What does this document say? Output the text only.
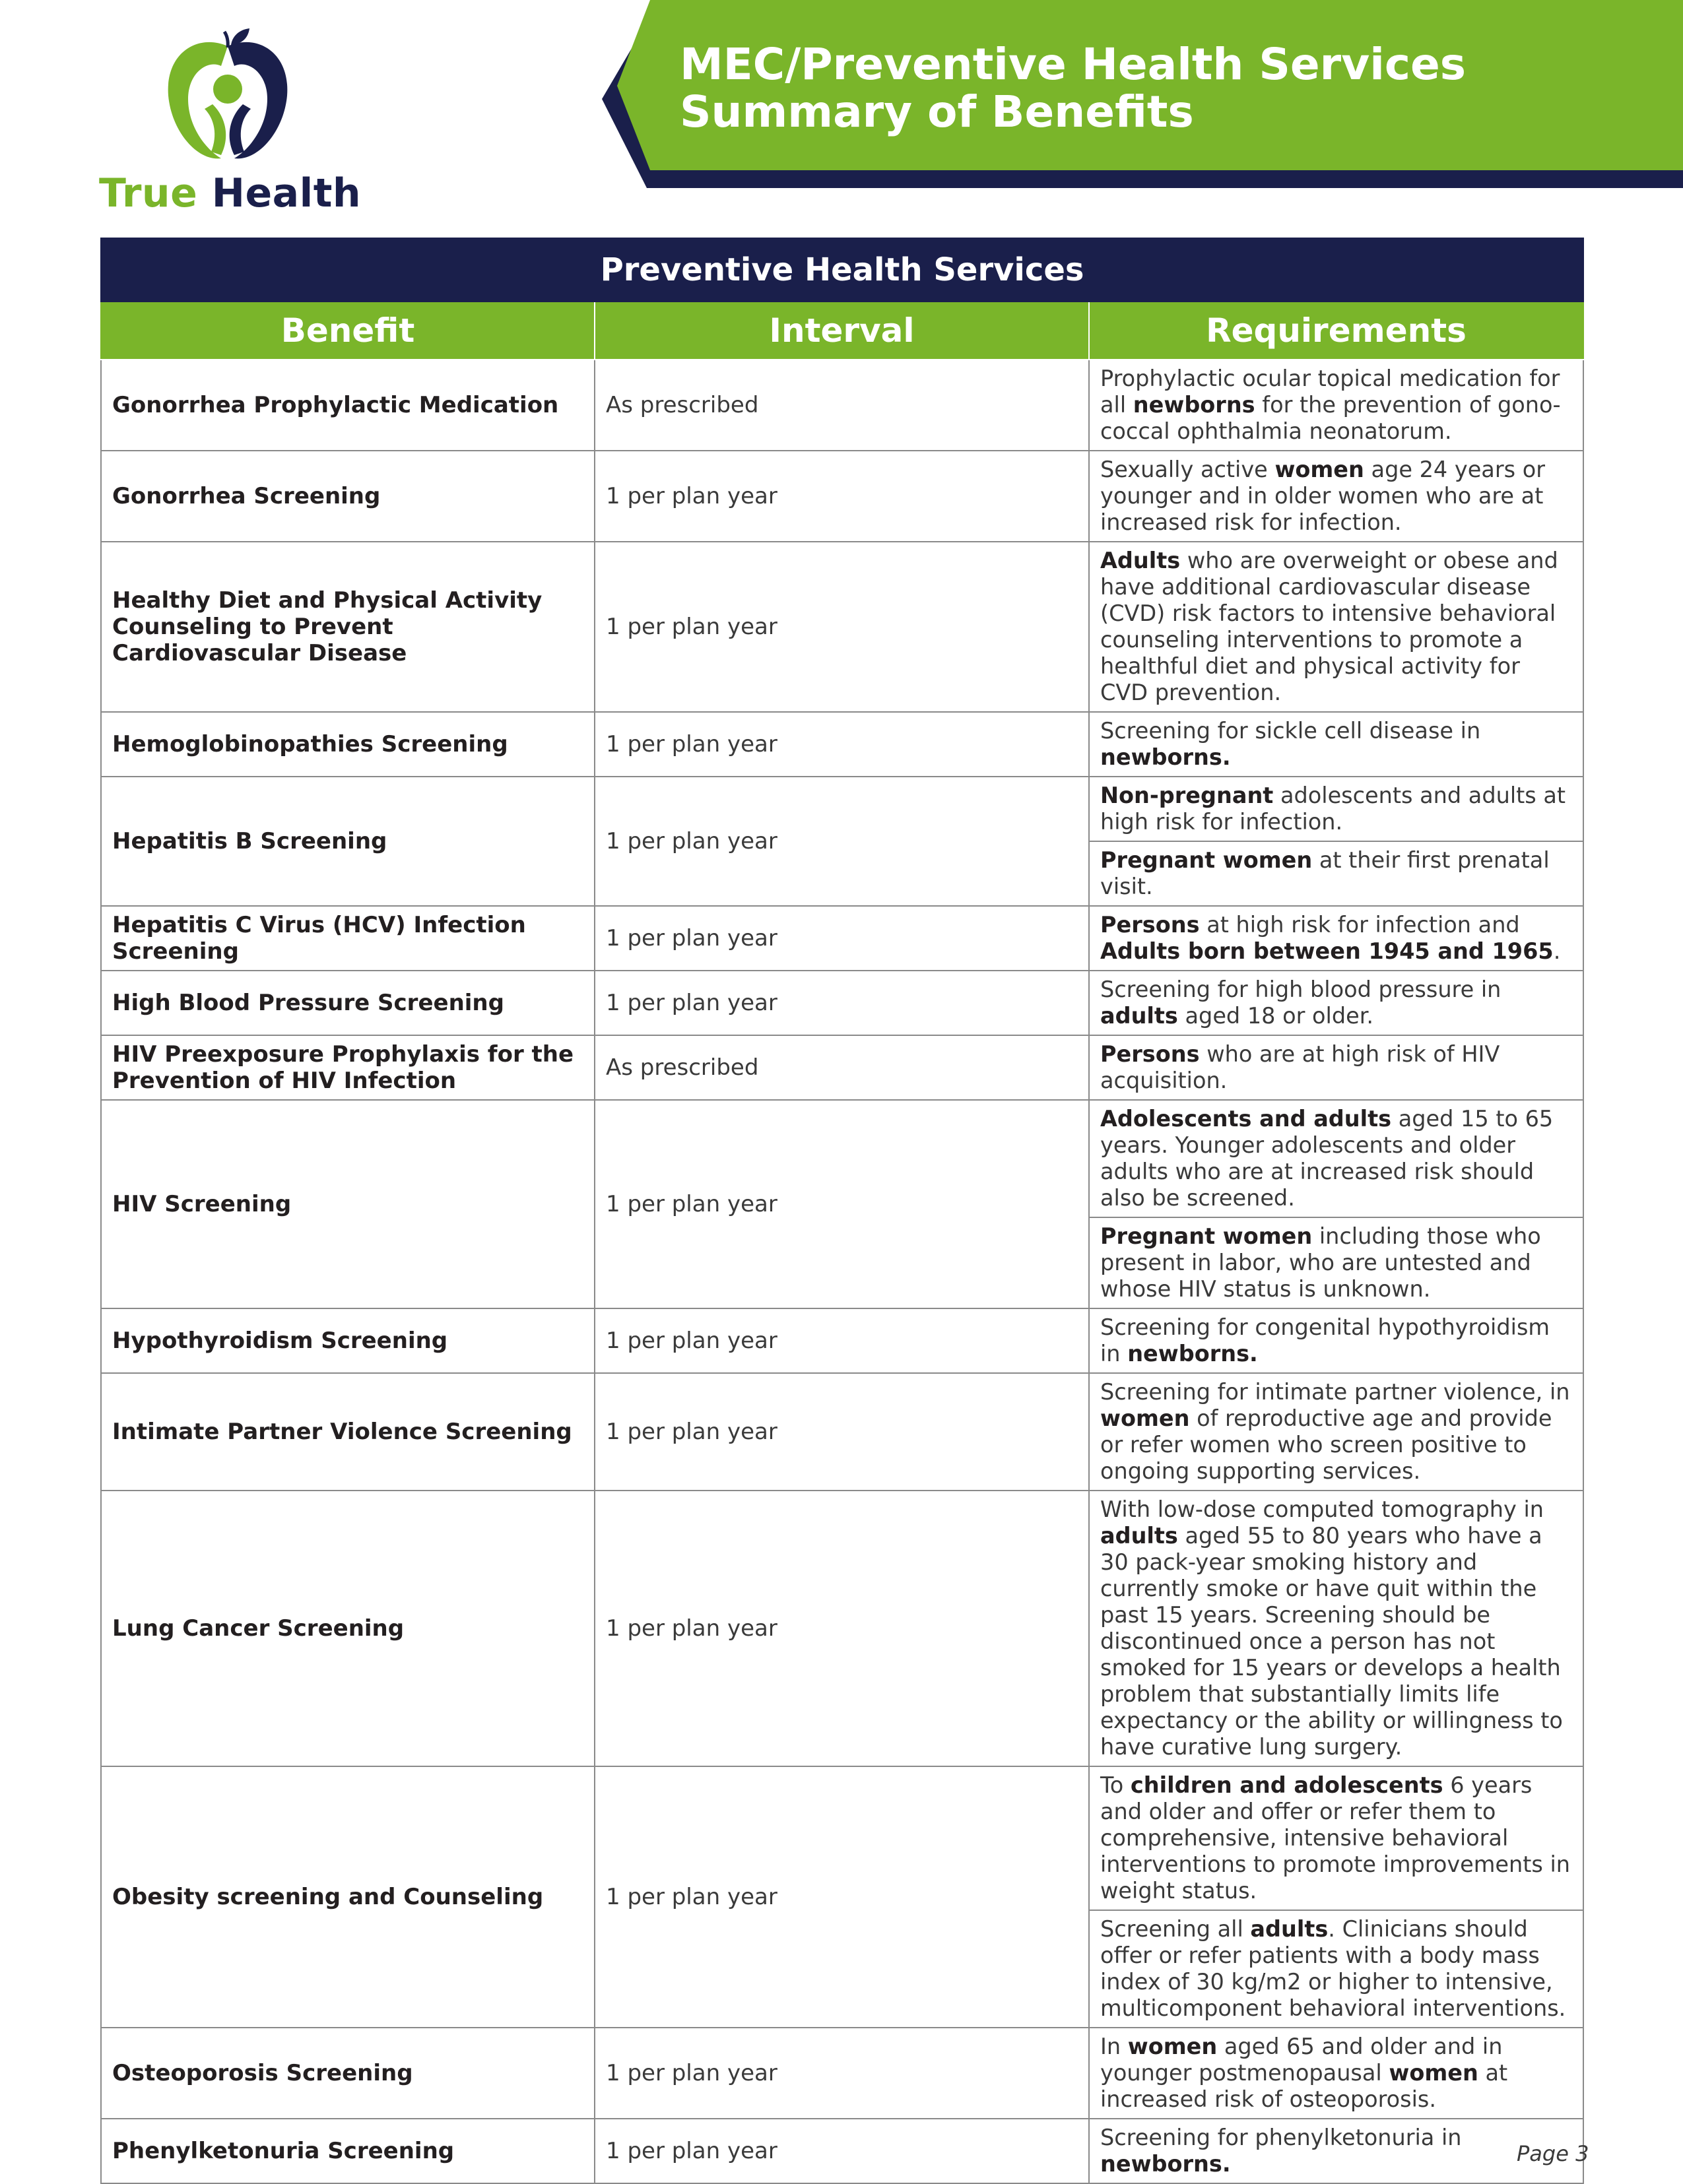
MEC/Preventive Health Services
Summary of Benefits
True Health
Preventive Health Services		
Benefit	Interval	Requirements
Gonorrhea Prophylactic Medication	As prescribed	Prophylactic ocular topical medication for all newborns for the prevention of gonococcal ophthalmia neonatorum.
Gonorrhea Screening	1 per plan year	Sexually active women age 24 years or younger and in older women who are at increased risk for infection.
Healthy Diet and Physical Activity Counseling to Prevent Cardiovascular Disease	1 per plan year	Adults who are overweight or obese and have additional cardiovascular disease (CVD) risk factors to intensive behavioral counseling interventions to promote a healthful diet and physical activity for CVD prevention.
Hemoglobinopathies Screening	1 per plan year	Screening for sickle cell disease in newborns.
Hepatitis B Screening	1 per plan year	Non-pregnant adolescents and adults at high risk for infection.
		Pregnant women at their first prenatal visit.
Hepatitis C Virus (HCV) Infection Screening	1 per plan year	Persons at high risk for infection and Adults born between 1945 and 1965.
High Blood Pressure Screening	1 per plan year	Screening for high blood pressure in adults aged 18 or older.
HIV Preexposure Prophylaxis for the Prevention of HIV Infection	As prescribed	Persons who are at high risk of HIV acquisition.
HIV Screening	1 per plan year	Adolescents and adults aged 15 to 65 years. Younger adolescents and older adults who are at increased risk should also be screened.
		Pregnant women including those who present in labor, who are untested and whose HIV status is unknown.
Hypothyroidism Screening	1 per plan year	Screening for congenital hypothyroidism in newborns.
Intimate Partner Violence Screening	1 per plan year	Screening for intimate partner violence, in women of reproductive age and provide or refer women who screen positive to ongoing supporting services.
Lung Cancer Screening	1 per plan year	With low-dose computed tomography in adults aged 55 to 80 years who have a 30 pack-year smoking history and currently smoke or have quit within the past 15 years. Screening should be discontinued once a person has not smoked for 15 years or develops a health problem that substantially limits life expectancy or the ability or willingness to have curative lung surgery.
Obesity screening and Counseling	1 per plan year	To children and adolescents 6 years and older and offer or refer them to comprehensive, intensive behavioral interventions to promote improvements in weight status.
		Screening all adults. Clinicians should offer or refer patients with a body mass index of 30 kg/m2 or higher to intensive, multicomponent behavioral interventions.
Osteoporosis Screening	1 per plan year	In women aged 65 and older and in younger postmenopausal women at increased risk of osteoporosis.
Phenylketonuria Screening	1 per plan year	Screening for phenylketonuria in newborns.	Page 3
